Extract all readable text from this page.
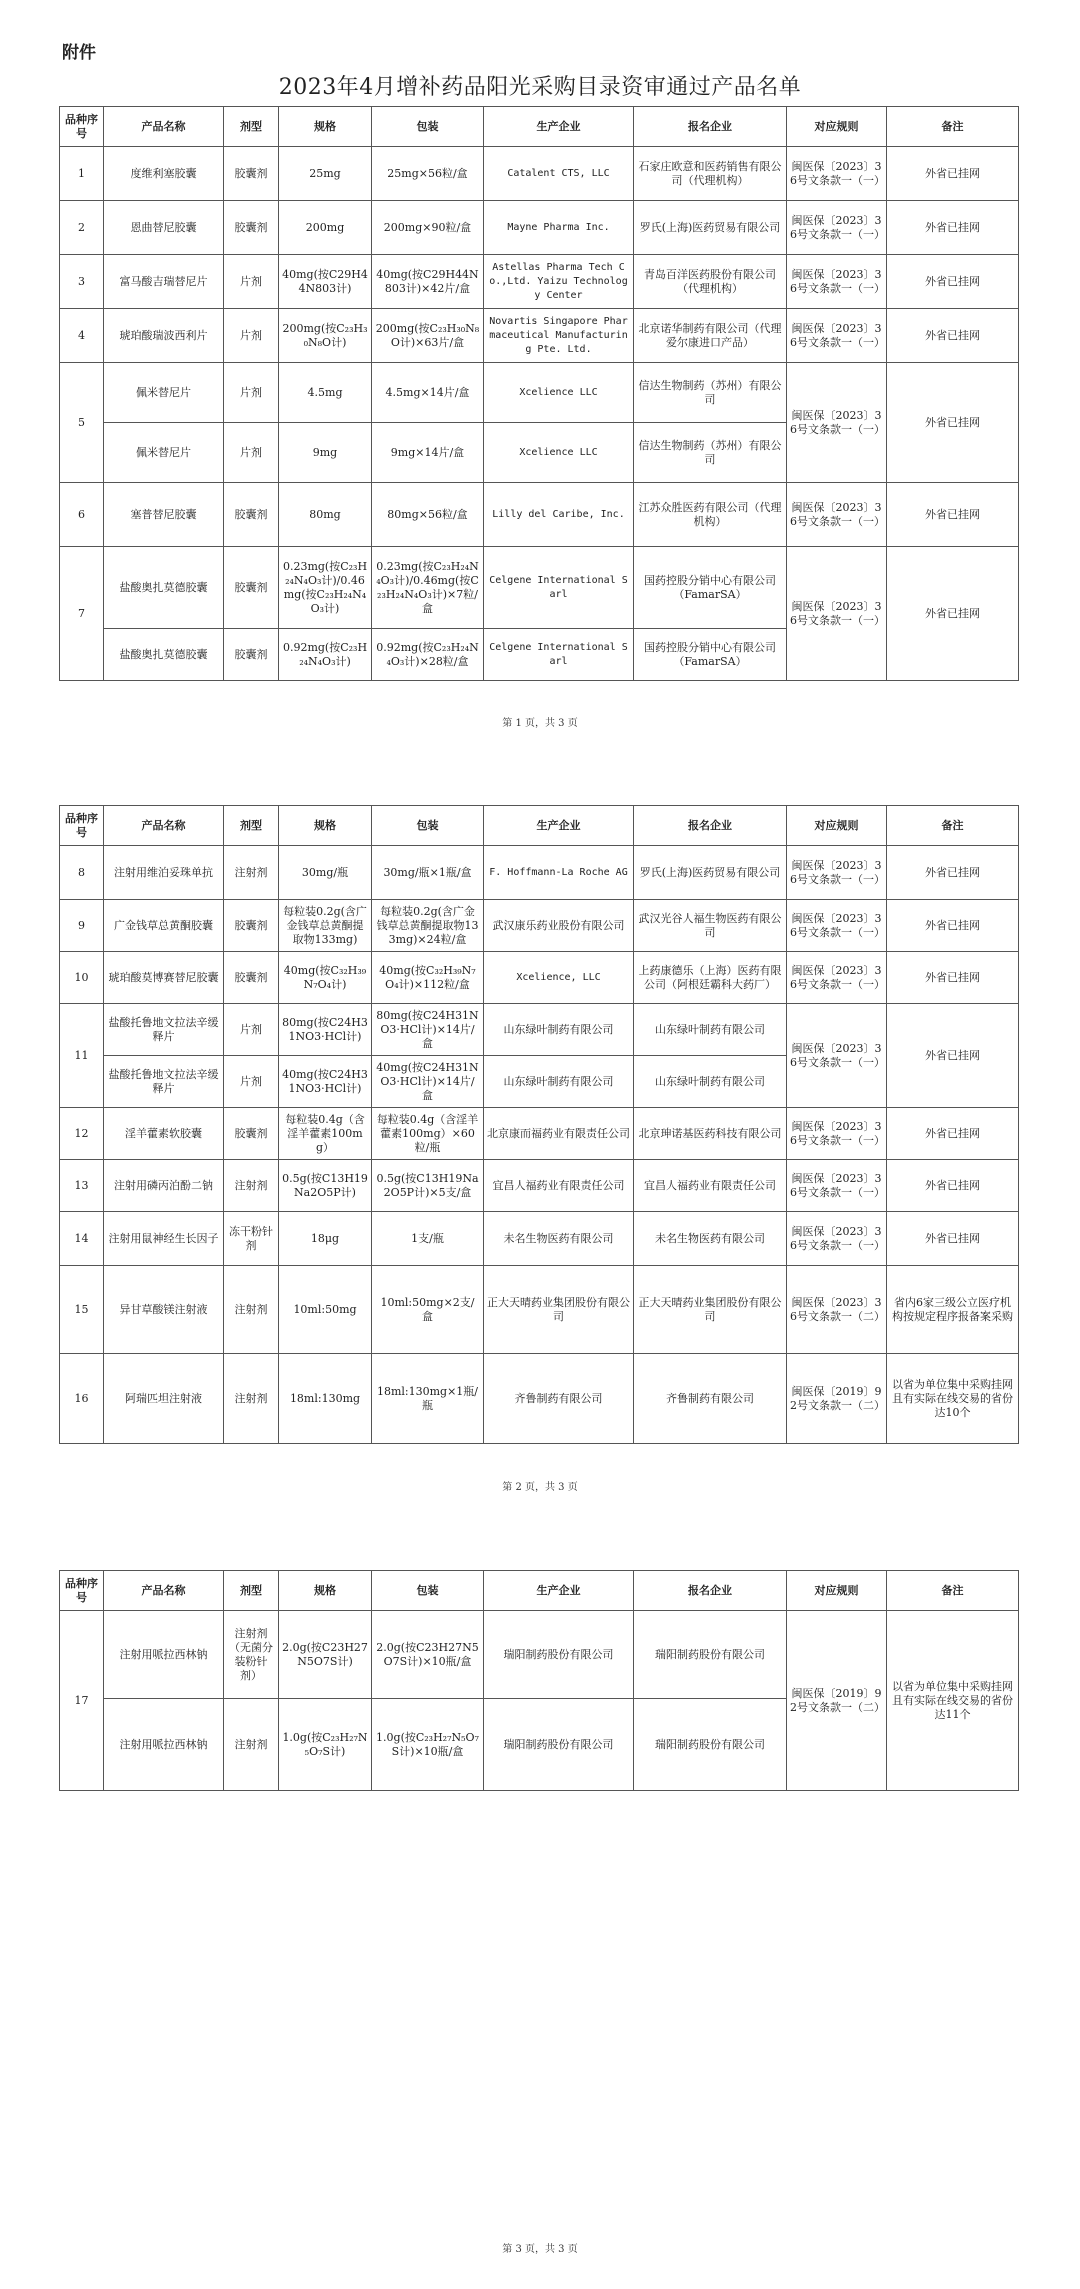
附件
2023年4月增补药品阳光采购目录资审通过产品名单
品种序号	产品名称	剂型	规格	包装	生产企业	报名企业	对应规则	备注
1	度维利塞胶囊	胶囊剂	25mg	25mg×56粒/盒	Catalent CTS, LLC	石家庄欧意和医药销售有限公司（代理机构）	闽医保〔2023〕36号文条款一（一）	外省已挂网
2	恩曲替尼胶囊	胶囊剂	200mg	200mg×90粒/盒	Mayne Pharma Inc.	罗氏(上海)医药贸易有限公司	闽医保〔2023〕36号文条款一（一）	外省已挂网
3	富马酸吉瑞替尼片	片剂	40mg(按C29H44N803计)	40mg(按C29H44N803计)×42片/盒	Astellas Pharma Tech Co.,Ltd. Yaizu Technology Center	青岛百洋医药股份有限公司（代理机构）	闽医保〔2023〕36号文条款一（一）	外省已挂网
4	琥珀酸瑞波西利片	片剂	200mg(按C₂₃H₃₀N₈O计)	200mg(按C₂₃H₃₀N₈O计)×63片/盒	Novartis Singapore Pharmaceutical Manufacturing Pte. Ltd.	北京诺华制药有限公司（代理爱尔康进口产品）	闽医保〔2023〕36号文条款一（一）	外省已挂网
5	佩米替尼片	片剂	4.5mg	4.5mg×14片/盒	Xcelience LLC	信达生物制药（苏州）有限公司	闽医保〔2023〕36号文条款一（一）	外省已挂网
	佩米替尼片	片剂	9mg	9mg×14片/盒	Xcelience LLC	信达生物制药（苏州）有限公司		
6	塞普替尼胶囊	胶囊剂	80mg	80mg×56粒/盒	Lilly del Caribe, Inc.	江苏众胜医药有限公司（代理机构）	闽医保〔2023〕36号文条款一（一）	外省已挂网
7	盐酸奥扎莫德胶囊	胶囊剂	0.23mg(按C₂₃H₂₄N₄O₃计)/0.46mg(按C₂₃H₂₄N₄O₃计)	0.23mg(按C₂₃H₂₄N₄O₃计)/0.46mg(按C₂₃H₂₄N₄O₃计)×7粒/盒	Celgene International Sarl	国药控股分销中心有限公司（FamarSA）	闽医保〔2023〕36号文条款一（一）	外省已挂网
	盐酸奥扎莫德胶囊	胶囊剂	0.92mg(按C₂₃H₂₄N₄O₃计)	0.92mg(按C₂₃H₂₄N₄O₃计)×28粒/盒	Celgene International Sarl	国药控股分销中心有限公司（FamarSA）		
第 1 页，共 3 页
品种序号	产品名称	剂型	规格	包装	生产企业	报名企业	对应规则	备注
8	注射用维泊妥珠单抗	注射剂	30mg/瓶	30mg/瓶×1瓶/盒	F. Hoffmann-La Roche AG	罗氏(上海)医药贸易有限公司	闽医保〔2023〕36号文条款一（一）	外省已挂网
9	广金钱草总黄酮胶囊	胶囊剂	每粒装0.2g(含广金钱草总黄酮提取物133mg)	每粒装0.2g(含广金钱草总黄酮提取物133mg)×24粒/盒	武汉康乐药业股份有限公司	武汉光谷人福生物医药有限公司	闽医保〔2023〕36号文条款一（一）	外省已挂网
10	琥珀酸莫博赛替尼胶囊	胶囊剂	40mg(按C₃₂H₃₉N₇O₄计)	40mg(按C₃₂H₃₉N₇O₄计)×112粒/盒	Xcelience, LLC	上药康德乐（上海）医药有限公司（阿根廷霸科大药厂）	闽医保〔2023〕36号文条款一（一）	外省已挂网
11	盐酸托鲁地文拉法辛缓释片	片剂	80mg(按C24H31NO3·HCl计)	80mg(按C24H31NO3·HCl计)×14片/盒	山东绿叶制药有限公司	山东绿叶制药有限公司	闽医保〔2023〕36号文条款一（一）	外省已挂网
	盐酸托鲁地文拉法辛缓释片	片剂	40mg(按C24H31NO3·HCl计)	40mg(按C24H31NO3·HCl计)×14片/盒	山东绿叶制药有限公司	山东绿叶制药有限公司		
12	淫羊藿素软胶囊	胶囊剂	每粒装0.4g（含淫羊藿素100mg）	每粒装0.4g（含淫羊藿素100mg）×60粒/瓶	北京康而福药业有限责任公司	北京珅诺基医药科技有限公司	闽医保〔2023〕36号文条款一（一）	外省已挂网
13	注射用磷丙泊酚二钠	注射剂	0.5g(按C13H19Na2O5P计)	0.5g(按C13H19Na2O5P计)×5支/盒	宜昌人福药业有限责任公司	宜昌人福药业有限责任公司	闽医保〔2023〕36号文条款一（一）	外省已挂网
14	注射用鼠神经生长因子	冻干粉针剂	18μg	1支/瓶	未名生物医药有限公司	未名生物医药有限公司	闽医保〔2023〕36号文条款一（一）	外省已挂网
15	异甘草酸镁注射液	注射剂	10ml:50mg	10ml:50mg×2支/盒	正大天晴药业集团股份有限公司	正大天晴药业集团股份有限公司	闽医保〔2023〕36号文条款一（二）	省内6家三级公立医疗机构按规定程序报备案采购
16	阿瑞匹坦注射液	注射剂	18ml:130mg	18ml:130mg×1瓶/瓶	齐鲁制药有限公司	齐鲁制药有限公司	闽医保〔2019〕92号文条款一（二）	以省为单位集中采购挂网且有实际在线交易的省份达10个
第 2 页，共 3 页
品种序号	产品名称	剂型	规格	包装	生产企业	报名企业	对应规则	备注
17	注射用哌拉西林钠	注射剂（无菌分装粉针剂）	2.0g(按C23H27N5O7S计)	2.0g(按C23H27N5O7S计)×10瓶/盒	瑞阳制药股份有限公司	瑞阳制药股份有限公司	闽医保〔2019〕92号文条款一（二）	以省为单位集中采购挂网且有实际在线交易的省份达11个
	注射用哌拉西林钠	注射剂	1.0g(按C₂₃H₂₇N₅O₇S计)	1.0g(按C₂₃H₂₇N₅O₇S计)×10瓶/盒	瑞阳制药股份有限公司	瑞阳制药股份有限公司		
第 3 页，共 3 页
